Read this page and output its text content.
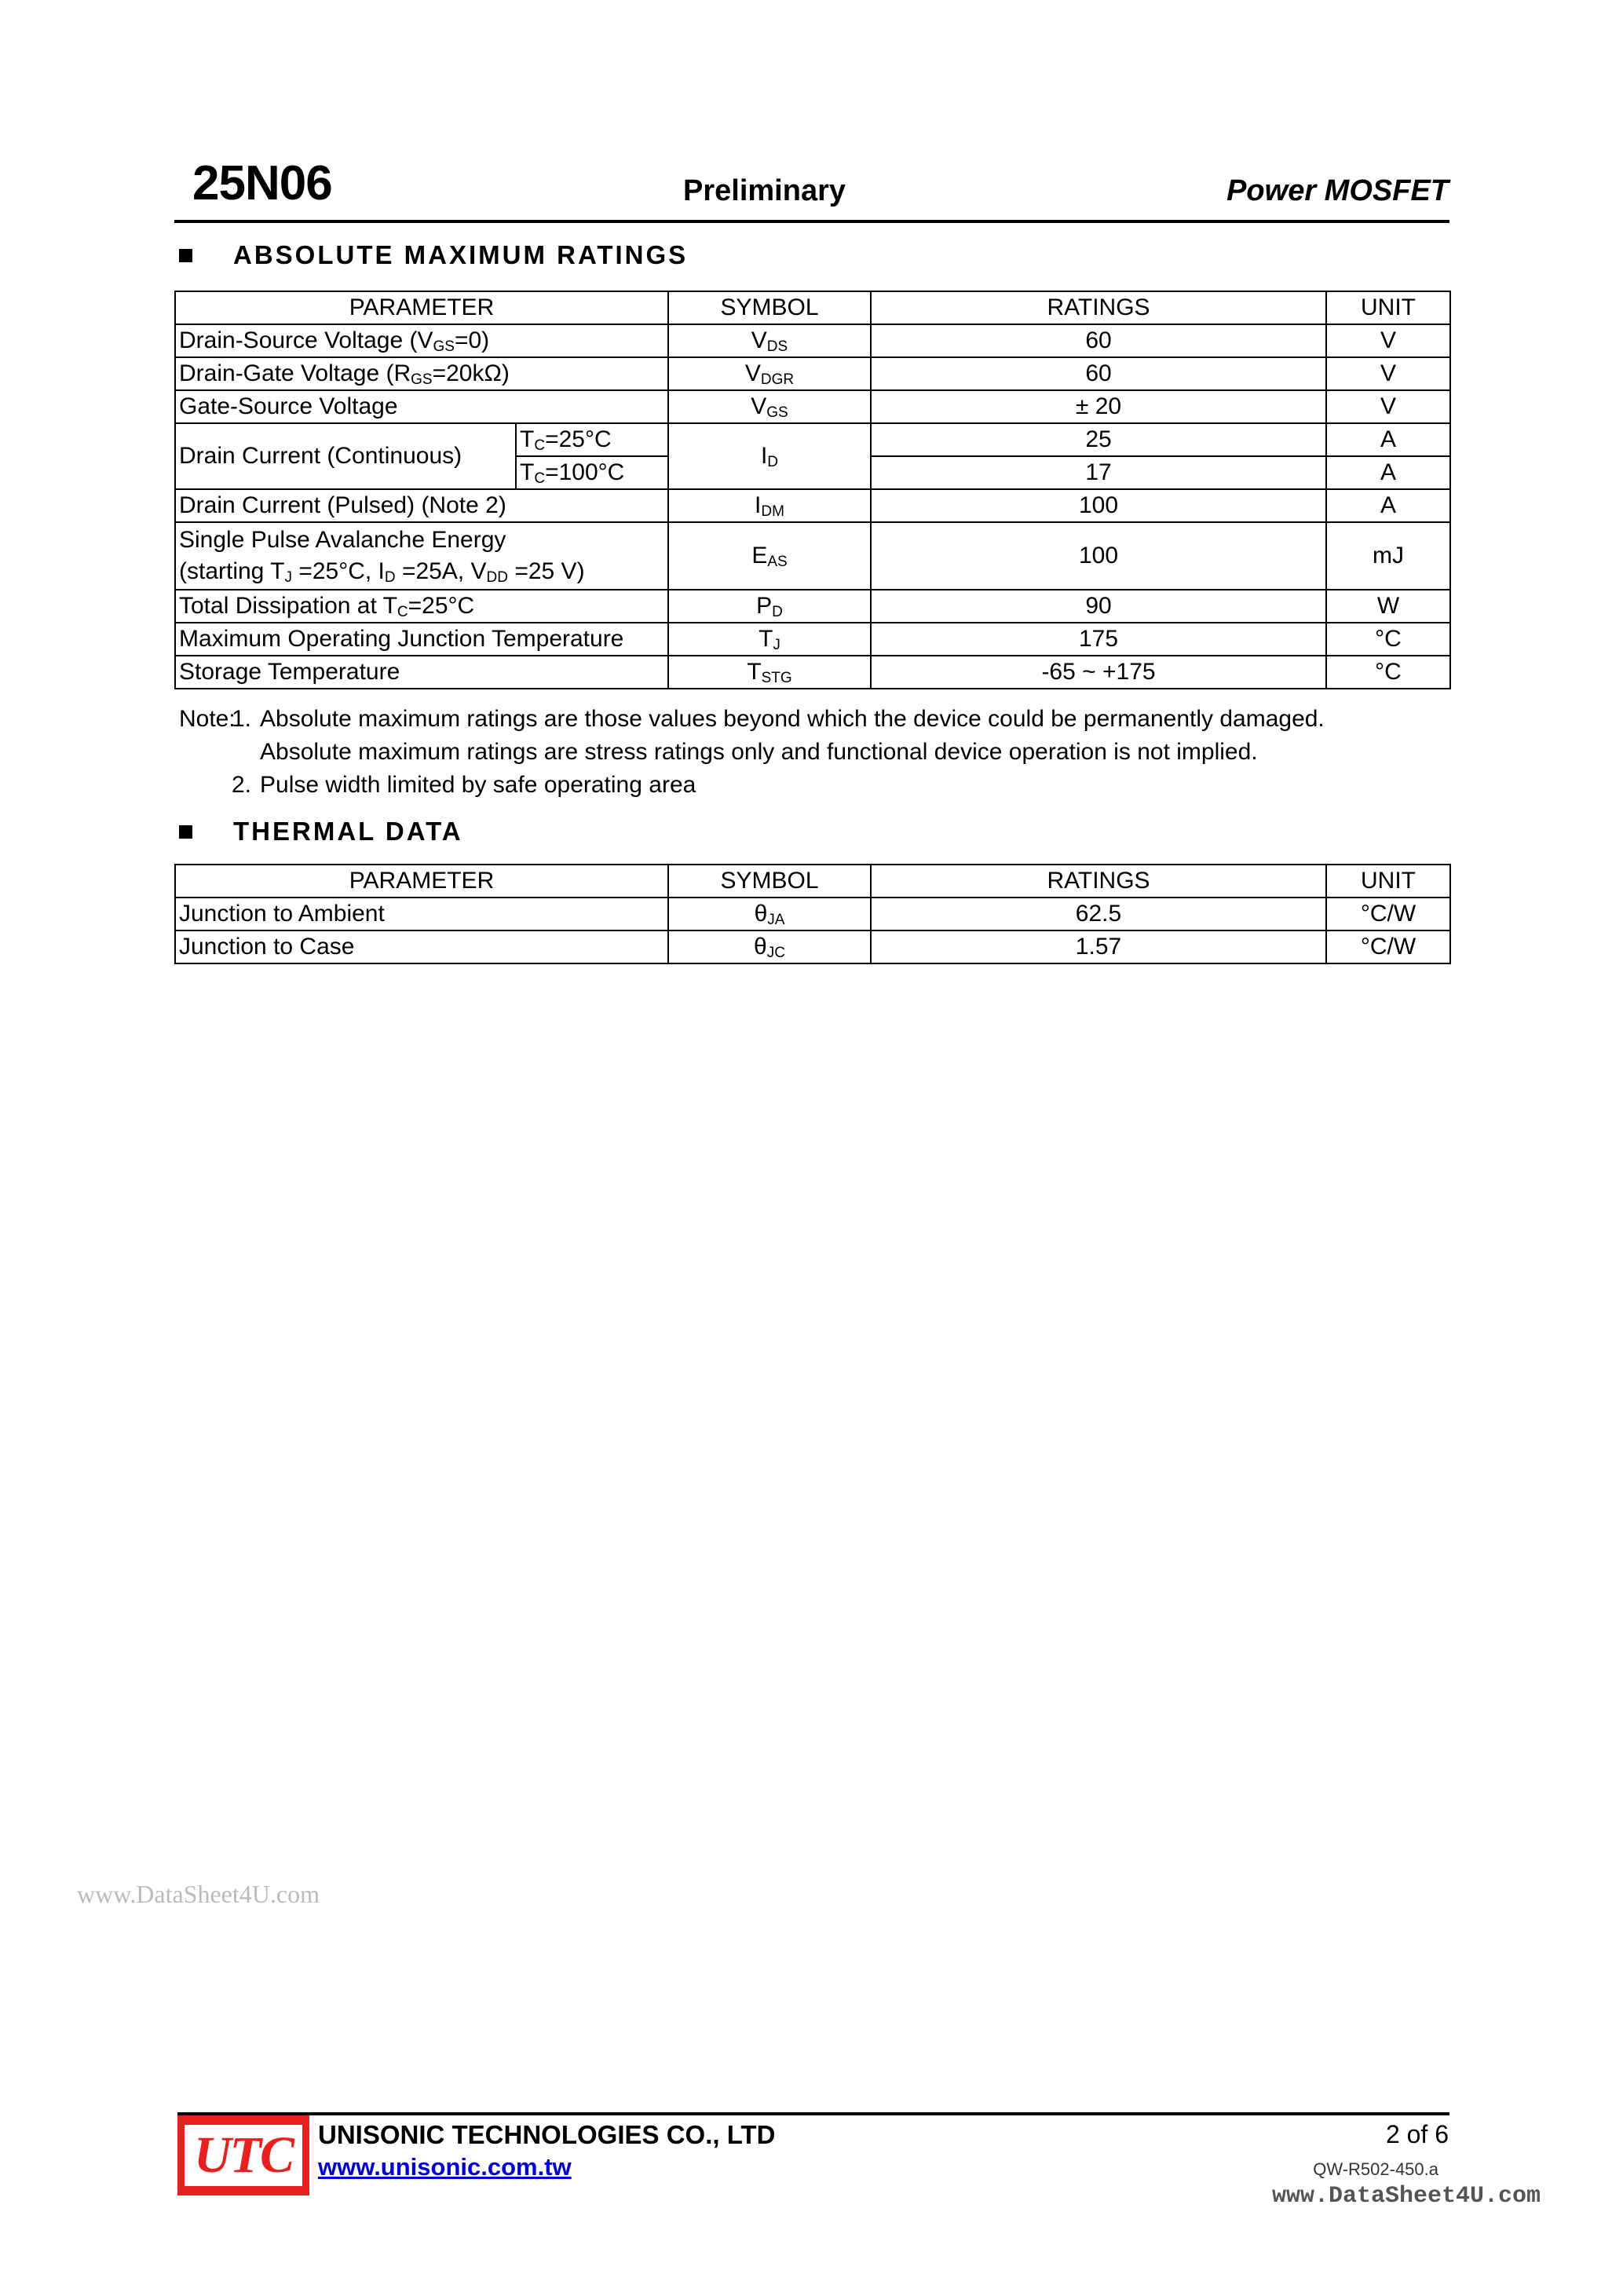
25N06	Preliminary	Power MOSFET
ABSOLUTE MAXIMUM RATINGS
PARAMETER		SYMBOL	RATINGS	UNIT
Drain-Source Voltage $(V_{GS}=0)$		$V_{DS}$	60	V
Drain-Gate Voltage $(R_{GS}=20k\Omega)$		$V_{DGR}$	60	V
Gate-Source Voltage		$V_{GS}$	± 20	V
Drain Current (Continuous)	$T_C=25^\circ C$	$I_D$	25	A
	$T_C=100^\circ C$		17	A
Drain Current (Pulsed) (Note 2)		$I_{DM}$	100	A

Single Pulse Avalanche Energy
(starting $T_J =25^\circ C$, $I_D =25A$, $V_{DD} =25$ V)		$E_{AS}$	100	mJ
Total Dissipation at $T_C=25^\circ C$		$P_D$	90	W
Maximum Operating Junction Temperature		$T_J$	175	°C
Storage Temperature		$T_{STG}$	-65 ~ +175	°C
Note:
1. Absolute maximum ratings are those values beyond which the device could be permanently damaged.
Absolute maximum ratings are stress ratings only and functional device operation is not implied.
2. Pulse width limited by safe operating area
THERMAL DATA
PARAMETER	SYMBOL	RATINGS	UNIT
Junction to Ambient	$\theta_{JA}$	62.5	°C/W
Junction to Case	$\theta_{JC}$	1.57	°C/W
www.DataSheet4U.com
UTC UNISONIC TECHNOLOGIES CO., LTD
www.unisonic.com.tw
2 of 6
QW-R502-450.a
www.DataSheet4U.com
